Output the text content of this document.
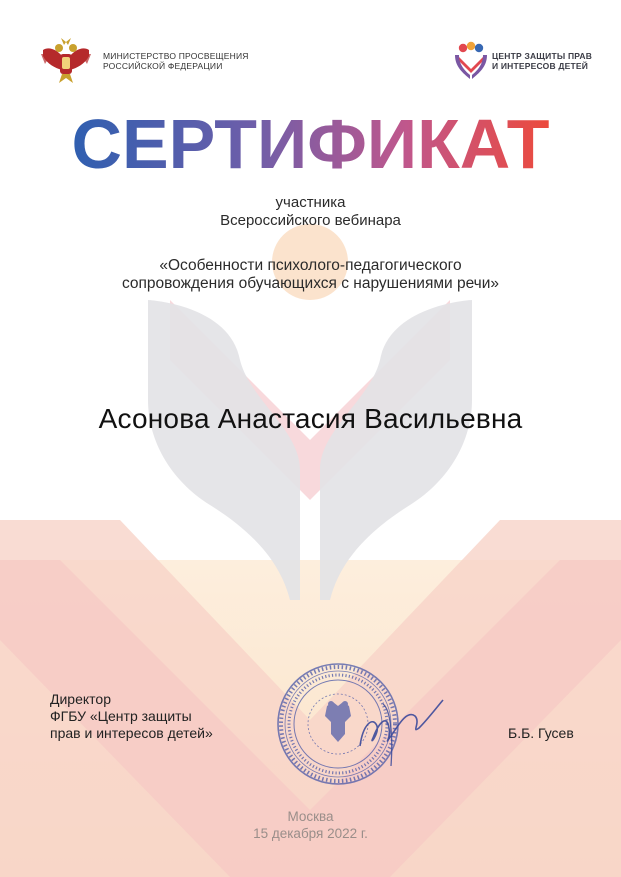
МИНИСТЕРСТВО ПРОСВЕЩЕНИЯ
РОССИЙСКОЙ ФЕДЕРАЦИИ
ЦЕНТР ЗАЩИТЫ ПРАВ
И ИНТЕРЕСОВ ДЕТЕЙ
СЕРТИФИКАТ
участника
Всероссийского вебинара
«Особенности психолого-педагогического
сопровождения обучающихся с нарушениями речи»
Асонова Анастасия Васильевна
Директор
ФГБУ «Центр защиты
прав и интересов детей»	Б.Б. Гусев
Москва
15 декабря 2022 г.
